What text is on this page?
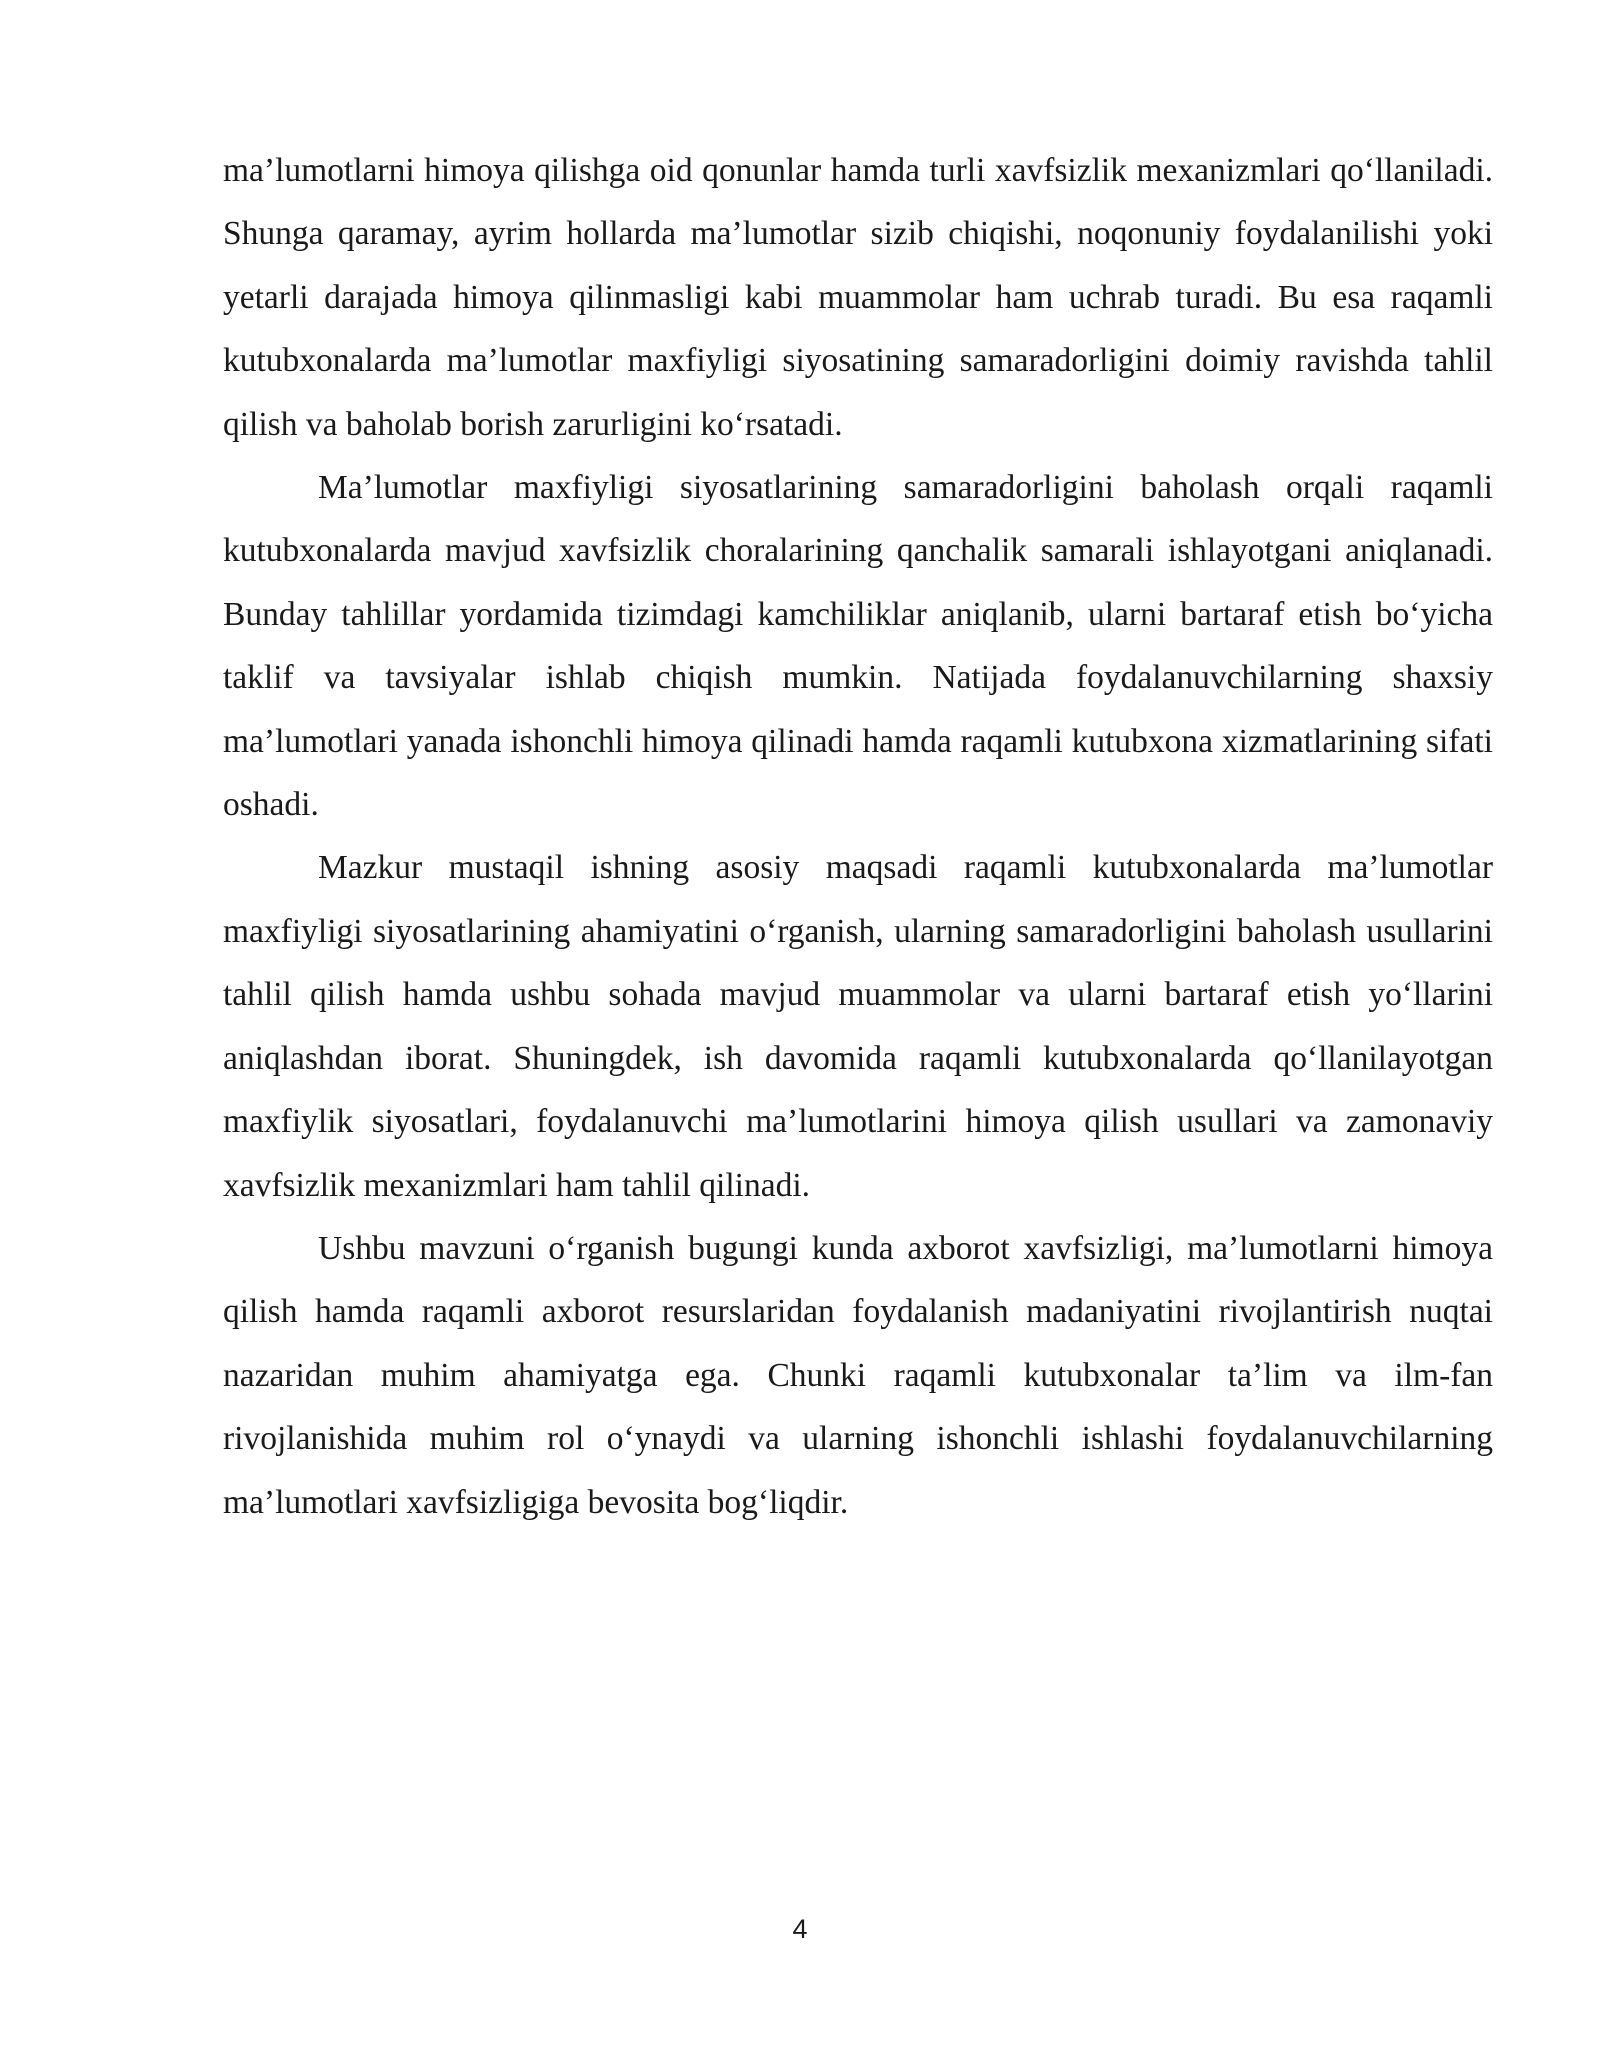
ma’lumotlarni himoya qilishga oid qonunlar hamda turli xavfsizlik mexanizmlari qo‘llaniladi. Shunga qaramay, ayrim hollarda ma’lumotlar sizib chiqishi, noqonuniy foydalanilishi yoki yetarli darajada himoya qilinmasligi kabi muammolar ham uchrab turadi. Bu esa raqamli kutubxonalarda ma’lumotlar maxfiyligi siyosatining samaradorligini doimiy ravishda tahlil qilish va baholab borish zarurligini ko‘rsatadi.

Ma’lumotlar maxfiyligi siyosatlarining samaradorligini baholash orqali raqamli kutubxonalarda mavjud xavfsizlik choralarining qanchalik samarali ishlayotgani aniqlanadi. Bunday tahlillar yordamida tizimdagi kamchiliklar aniqlanib, ularni bartaraf etish bo‘yicha taklif va tavsiyalar ishlab chiqish mumkin. Natijada foydalanuvchilarning shaxsiy ma’lumotlari yanada ishonchli himoya qilinadi hamda raqamli kutubxona xizmatlarining sifati oshadi.

Mazkur mustaqil ishning asosiy maqsadi raqamli kutubxonalarda ma’lumotlar maxfiyligi siyosatlarining ahamiyatini o‘rganish, ularning samaradorligini baholash usullarini tahlil qilish hamda ushbu sohada mavjud muammolar va ularni bartaraf etish yo‘llarini aniqlashdan iborat. Shuningdek, ish davomida raqamli kutubxonalarda qo‘llanilayotgan maxfiylik siyosatlari, foydalanuvchi ma’lumotlarini himoya qilish usullari va zamonaviy xavfsizlik mexanizmlari ham tahlil qilinadi.

Ushbu mavzuni o‘rganish bugungi kunda axborot xavfsizligi, ma’lumotlarni himoya qilish hamda raqamli axborot resurslaridan foydalanish madaniyatini rivojlantirish nuqtai nazaridan muhim ahamiyatga ega. Chunki raqamli kutubxonalar ta’lim va ilm-fan rivojlanishida muhim rol o‘ynaydi va ularning ishonchli ishlashi foydalanuvchilarning ma’lumotlari xavfsizligiga bevosita bog‘liqdir.

4
